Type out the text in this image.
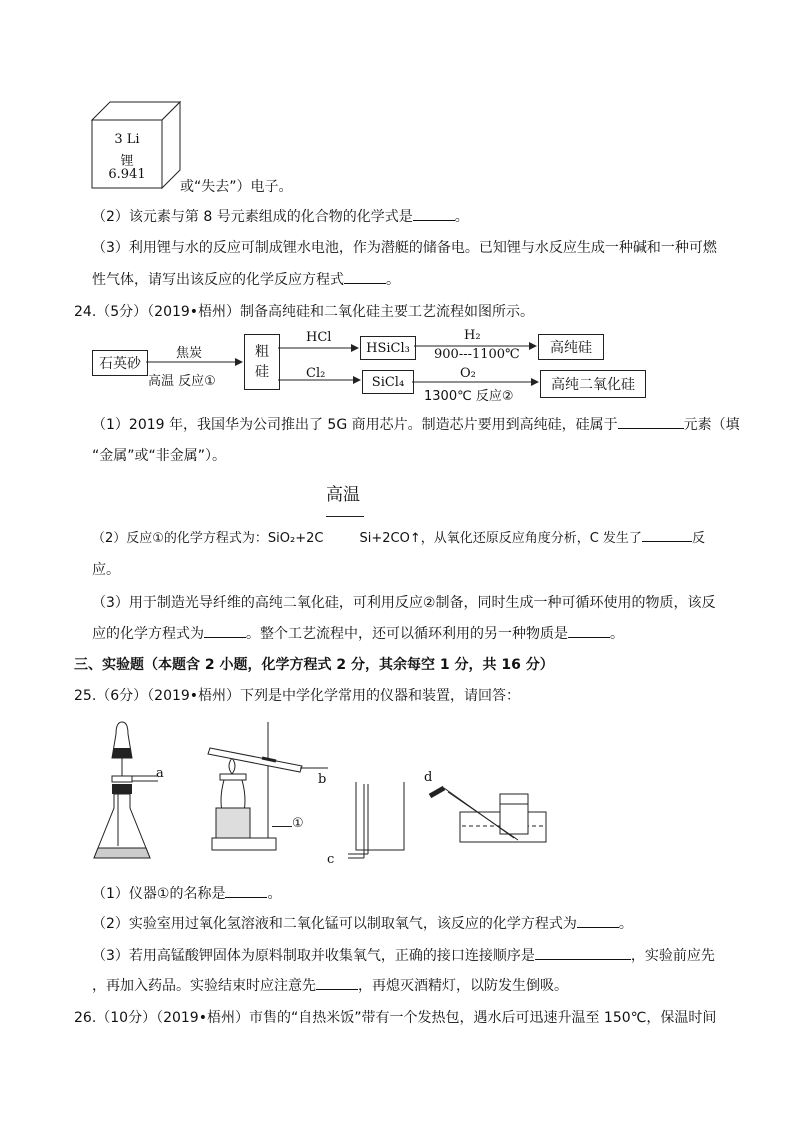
3 Li
锂
6.941
或“失去”）电子。
（2）该元素与第 8 号元素组成的化合物的化学式是	。
（3）利用锂与水的反应可制成锂水电池，作为潜艇的储备电。已知锂与水反应生成一种碱和一种可燃
性气体，请写出该反应的化学反应方程式	。
24.（5分）（2019•梧州）制备高纯硅和二氧化硅主要工艺流程如图所示。
石英砂
焦炭
高温 反应①
粗
硅
HCl
Cl₂
HSiCl₃
SiCl₄
H₂
900---1100℃
O₂
1300℃ 反应②
高纯硅
高纯二氧化硅
（1）2019 年，我国华为公司推出了 5G 商用芯片。制造芯片要用到高纯硅，硅属于	元素（填
“金属”或“非金属”）。
高温
（2）反应①的化学方程式为：SiO₂+2C	Si+2CO↑，从氧化还原反应角度分析，C 发生了	反
应。
（3）用于制造光导纤维的高纯二氧化硅，可利用反应②制备，同时生成一种可循环使用的物质，该反
应的化学方程式为	。整个工艺流程中，还可以循环利用的另一种物质是	。
三、实验题（本题含 2 小题，化学方程式 2 分，其余每空 1 分，共 16 分）
25.（6分）（2019•梧州）下列是中学化学常用的仪器和装置，请回答：
a	b
c
d
①
（1）仪器①的名称是	。
（2）实验室用过氧化氢溶液和二氧化锰可以制取氧气，该反应的化学方程式为	。
（3）若用高锰酸钾固体为原料制取并收集氧气，正确的接口连接顺序是	，实验前应先
，再加入药品。实验结束时应注意先	，再熄灭酒精灯，以防发生倒吸。
26.（10分）（2019•梧州）市售的“自热米饭”带有一个发热包，遇水后可迅速升温至 150℃，保温时间
